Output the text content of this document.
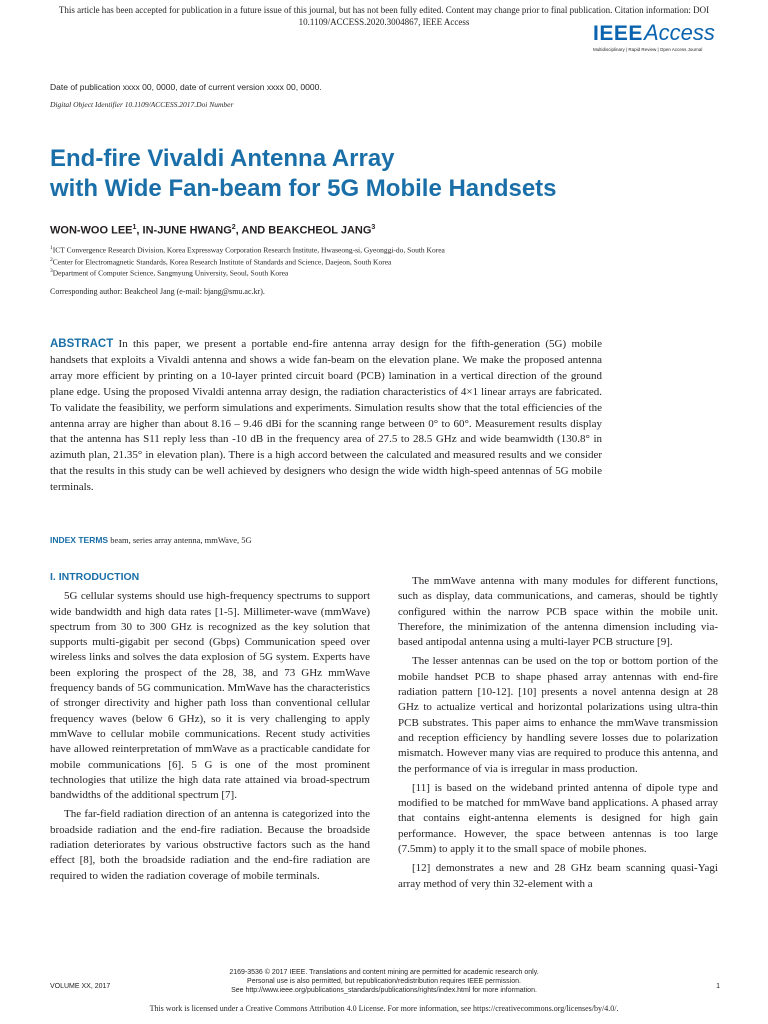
This article has been accepted for publication in a future issue of this journal, but has not been fully edited. Content may change prior to final publication. Citation information: DOI
10.1109/ACCESS.2020.3004867, IEEE Access	IEEE Access
Multidisciplinary | Rapid Review | Open Access Journal
Date of publication xxxx 00, 0000, date of current version xxxx 00, 0000.
Digital Object Identifier 10.1109/ACCESS.2017.Doi Number
End-fire Vivaldi Antenna Array
with Wide Fan-beam for 5G Mobile Handsets
WON-WOO LEE$^1$, IN-JUNE HWANG$^2$, AND BEAKCHEOL JANG$^3$
$^1$ICT Convergence Research Division, Korea Expressway Corporation Research Institute, Hwaseong-si, Gyeonggi-do, South Korea
$^2$Center for Electromagnetic Standards, Korea Research Institute of Standards and Science, Daejeon, South Korea
$^3$Department of Computer Science, Sangmyung University, Seoul, South Korea
Corresponding author: Beakcheol Jang (e-mail: bjang@smu.ac.kr).
ABSTRACT In this paper, we present a portable end-fire antenna array design for the fifth-generation (5G) mobile handsets that exploits a Vivaldi antenna and shows a wide fan-beam on the elevation plane. We make the proposed antenna array more efficient by printing on a 10-layer printed circuit board (PCB) lamination in a vertical direction of the ground plane edge. Using the proposed Vivaldi antenna array design, the radiation characteristics of 4×1 linear arrays are fabricated. To validate the feasibility, we perform simulations and experiments. Simulation results show that the total efficiencies of the antenna array are higher than about 8.16 – 9.46 dBi for the scanning range between 0° to 60°. Measurement results display that the antenna has S11 reply less than -10 dB in the frequency area of 27.5 to 28.5 GHz and wide beamwidth (130.8° in azimuth plan, 21.35° in elevation plan). There is a high accord between the calculated and measured results and we consider that the results in this study can be well achieved by designers who design the wide width high-speed antennas of 5G mobile terminals.
INDEX TERMS beam, series array antenna, mmWave, 5G
I. INTRODUCTION

5G cellular systems should use high-frequency spectrums to support wide bandwidth and high data rates [1-5]. Millimeter-wave (mmWave) spectrum from 30 to 300 GHz is recognized as the key solution that supports multi-gigabit per second (Gbps) Communication speed over wireless links and solves the data explosion of 5G system. Experts have been exploring the prospect of the 28, 38, and 73 GHz mmWave frequency bands of 5G communication. MmWave has the characteristics of stronger directivity and higher path loss than conventional cellular frequency waves (below 6 GHz), so it is very challenging to apply mmWave to cellular mobile communications. Recent study activities have allowed reinterpretation of mmWave as a practicable candidate for mobile communications [6]. 5 G is one of the most prominent technologies that utilize the high data rate attained via broad-spectrum bandwidths of the additional spectrum [7].

The far-field radiation direction of an antenna is categorized into the broadside radiation and the end-fire radiation. Because the broadside radiation deteriorates by various obstructive factors such as the hand effect [8], both the broadside radiation and the end-fire radiation are required to widen the radiation coverage of mobile terminals.

The mmWave antenna with many modules for different functions, such as display, data communications, and cameras, should be tightly configured within the narrow PCB space within the mobile unit. Therefore, the minimization of the antenna dimension including via-based antipodal antenna using a multi-layer PCB structure [9].

The lesser antennas can be used on the top or bottom portion of the mobile handset PCB to shape phased array antennas with end-fire radiation pattern [10-12]. [10] presents a novel antenna design at 28 GHz to actualize vertical and horizontal polarizations using ultra-thin PCB substrates. This paper aims to enhance the mmWave transmission and reception efficiency by handling severe losses due to polarization mismatch. However many vias are required to produce this antenna, and the performance of via is irregular in mass production.

[11] is based on the wideband printed antenna of dipole type and modified to be matched for mmWave band applications. A phased array that contains eight-antenna elements is designed for high gain performance. However, the space between antennas is too large (7.5mm) to apply it to the small space of mobile phones.

[12] demonstrates a new and 28 GHz beam scanning quasi-Yagi array method of very thin 32-element with a

2169-3536 © 2017 IEEE. Translations and content mining are permitted for academic research only.
Personal use is also permitted, but republication/redistribution requires IEEE permission.
See http://www.ieee.org/publications_standards/publications/rights/index.html for more information.
VOLUME XX, 2017	1
This work is licensed under a Creative Commons Attribution 4.0 License. For more information, see https://creativecommons.org/licenses/by/4.0/.
